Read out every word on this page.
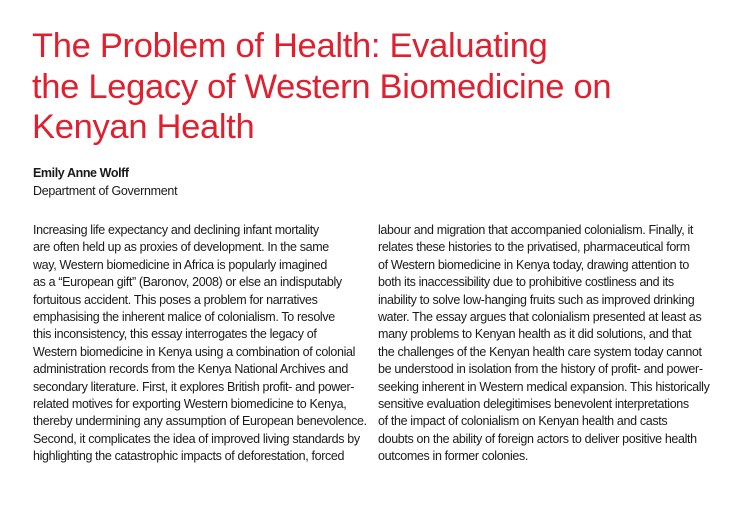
The Problem of Health: Evaluating
the Legacy of Western Biomedicine on
Kenyan Health
Emily Anne Wolff
Department of Government
Increasing life expectancy and declining infant mortality
are often held up as proxies of development. In the same
way, Western biomedicine in Africa is popularly imagined
as a “European gift” (Baronov, 2008) or else an indisputably
fortuitous accident. This poses a problem for narratives
emphasising the inherent malice of colonialism. To resolve
this inconsistency, this essay interrogates the legacy of
Western biomedicine in Kenya using a combination of colonial
administration records from the Kenya National Archives and
secondary literature. First, it explores British profit- and power-
related motives for exporting Western biomedicine to Kenya,
thereby undermining any assumption of European benevolence.
Second, it complicates the idea of improved living standards by
highlighting the catastrophic impacts of deforestation, forced
labour and migration that accompanied colonialism. Finally, it
relates these histories to the privatised, pharmaceutical form
of Western biomedicine in Kenya today, drawing attention to
both its inaccessibility due to prohibitive costliness and its
inability to solve low-hanging fruits such as improved drinking
water. The essay argues that colonialism presented at least as
many problems to Kenyan health as it did solutions, and that
the challenges of the Kenyan health care system today cannot
be understood in isolation from the history of profit- and power-
seeking inherent in Western medical expansion. This historically
sensitive evaluation delegitimises benevolent interpretations
of the impact of colonialism on Kenyan health and casts
doubts on the ability of foreign actors to deliver positive health
outcomes in former colonies.
